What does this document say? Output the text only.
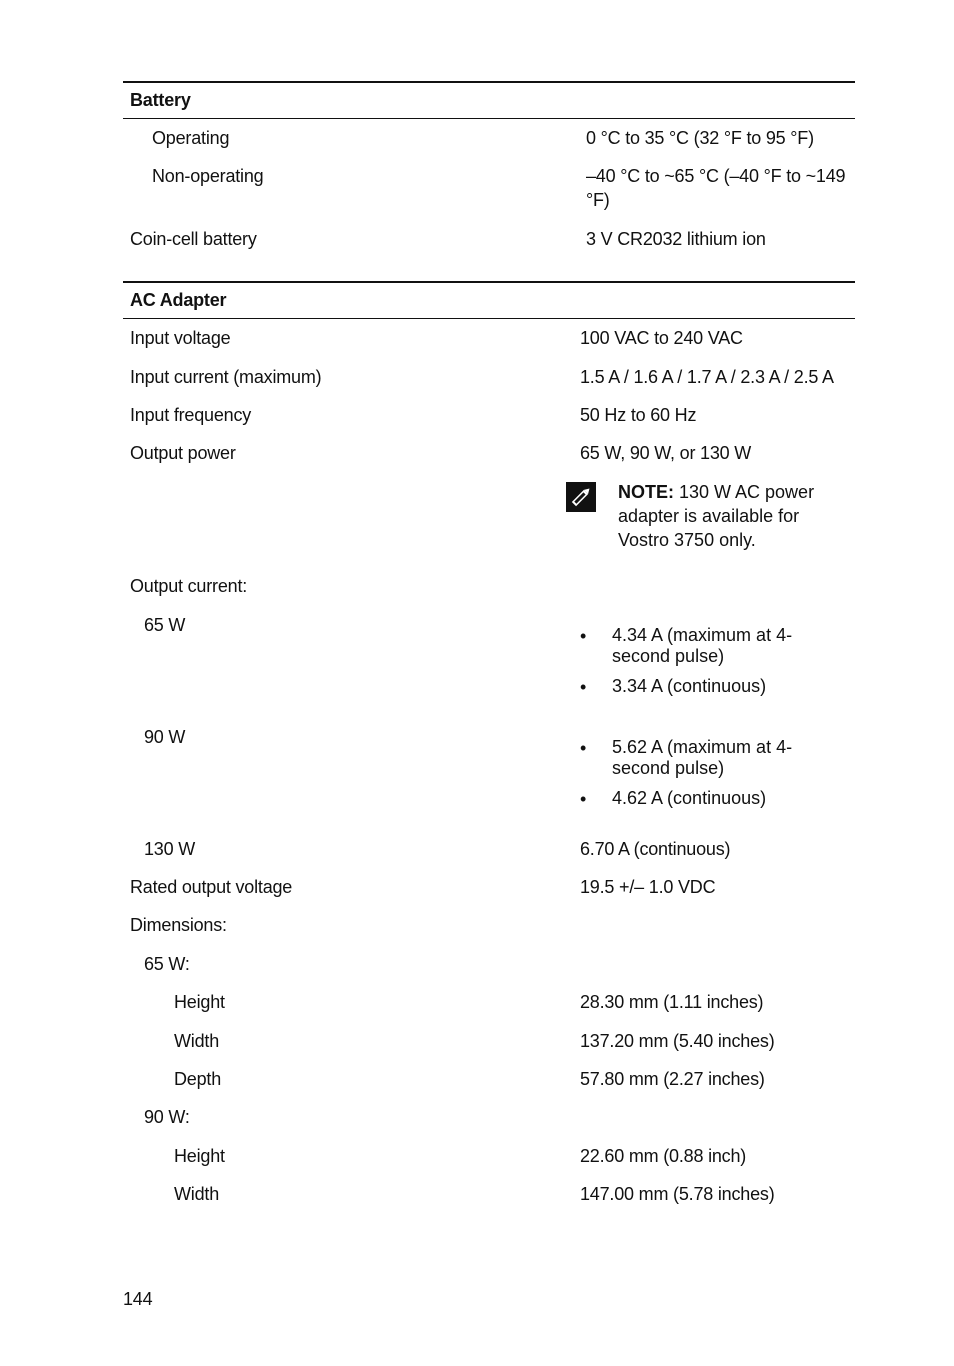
Battery
Operating	0 °C to 35 °C (32 °F to 95 °F)
Non-operating	–40 °C to ~65 °C (–40 °F to ~149 °F)
Coin-cell battery	3 V CR2032 lithium ion
AC Adapter
Input voltage	100 VAC to 240 VAC
Input current (maximum)	1.5 A / 1.6 A / 1.7 A / 2.3 A / 2.5 A
Input frequency	50 Hz to 60 Hz
Output power	65 W, 90 W, or 130 W
NOTE: 130 W AC power adapter is available for Vostro 3750 only.
Output current:
65 W
• 4.34 A (maximum at 4-second pulse)
• 3.34 A (continuous)
90 W
• 5.62 A (maximum at 4-second pulse)
• 4.62 A (continuous)
130 W	6.70 A (continuous)
Rated output voltage	19.5 +/– 1.0 VDC
Dimensions:
65 W:
Height	28.30 mm (1.11 inches)
Width	137.20 mm (5.40 inches)
Depth	57.80 mm (2.27 inches)
90 W:
Height	22.60 mm (0.88 inch)
Width	147.00 mm (5.78 inches)
144
